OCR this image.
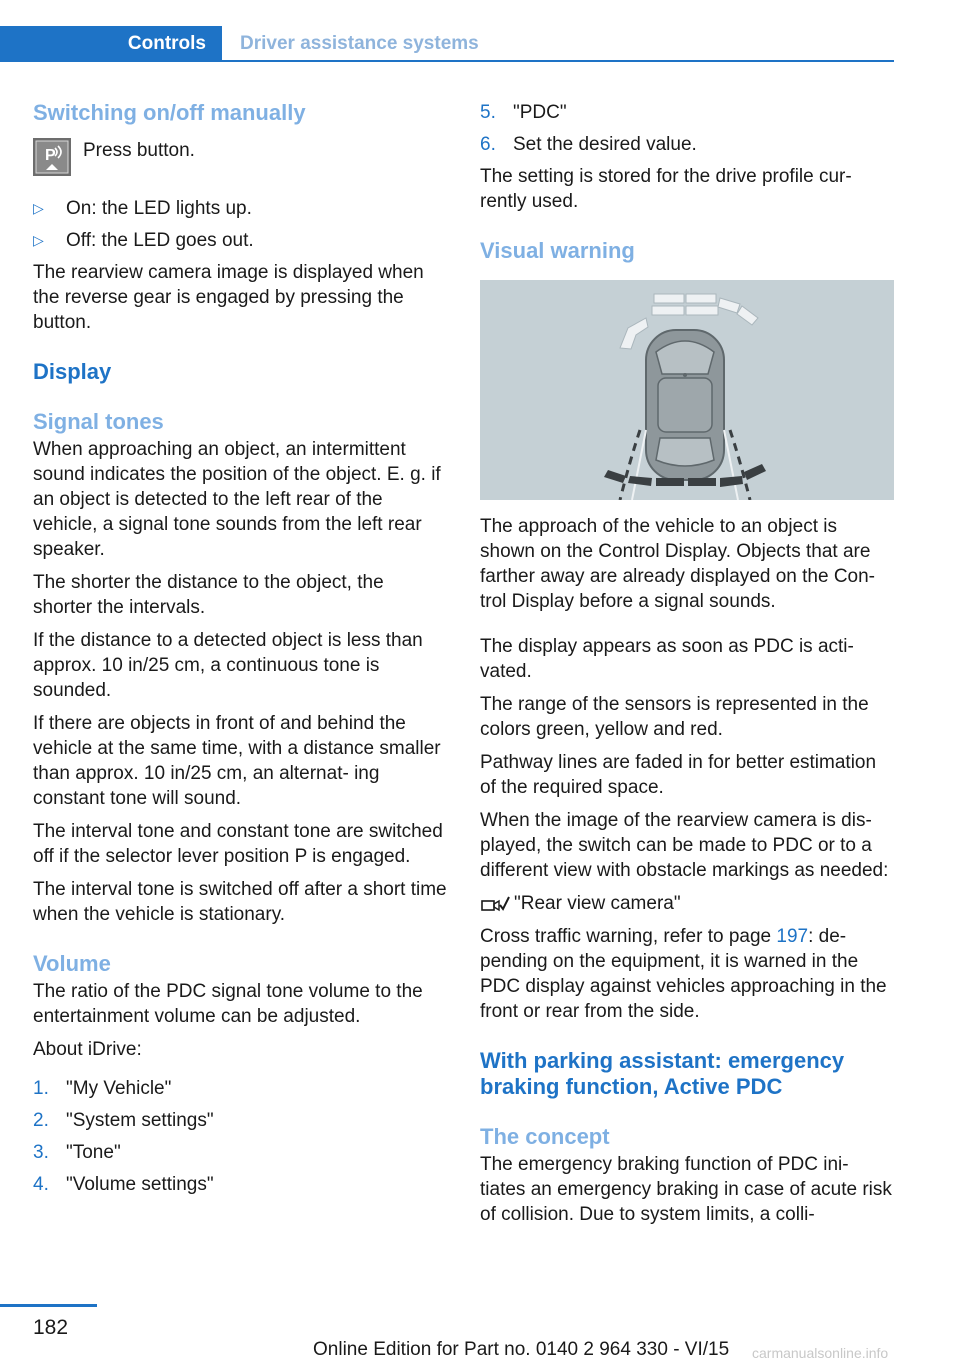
Controls	Driver assistance systems
Switching on/off manually
P Press button.
▷	On: the LED lights up.
▷	Off: the LED goes out.
The rearview camera image is displayed when the reverse gear is engaged by pressing the button.
Display
Signal tones
When approaching an object, an intermittent sound indicates the position of the object. E. g. if an object is detected to the left rear of the vehicle, a signal tone sounds from the left rear speaker.
The shorter the distance to the object, the shorter the intervals.
If the distance to a detected object is less than approx. 10 in/25 cm, a continuous tone is sounded.
If there are objects in front of and behind the vehicle at the same time, with a distance smaller than approx. 10 in/25 cm, an alternat‐ ing constant tone will sound.
The interval tone and constant tone are switched off if the selector lever position P is engaged.
The interval tone is switched off after a short time when the vehicle is stationary.
Volume
The ratio of the PDC signal tone volume to the entertainment volume can be adjusted.
About iDrive:
1. "My Vehicle"
2. "System settings"
3. "Tone"
4. "Volume settings"
5. "PDC"
6. Set the desired value.
The setting is stored for the drive profile cur‐ rently used.
Visual warning
The approach of the vehicle to an object is shown on the Control Display. Objects that are farther away are already displayed on the Con‐ trol Display before a signal sounds.
The display appears as soon as PDC is acti‐ vated.
The range of the sensors is represented in the colors green, yellow and red.
Pathway lines are faded in for better estimation of the required space.
When the image of the rearview camera is dis‐ played, the switch can be made to PDC or to a different view with obstacle markings as needed:
"Rear view camera"
Cross traffic warning, refer to page 197: de‐ pending on the equipment, it is warned in the PDC display against vehicles approaching in the front or rear from the side.
With parking assistant: emergency braking function, Active PDC
The concept
The emergency braking function of PDC ini‐ tiates an emergency braking in case of acute risk of collision. Due to system limits, a colli‐
182
Online Edition for Part no. 0140 2 964 330 - VI/15 carmanualsonline.info
